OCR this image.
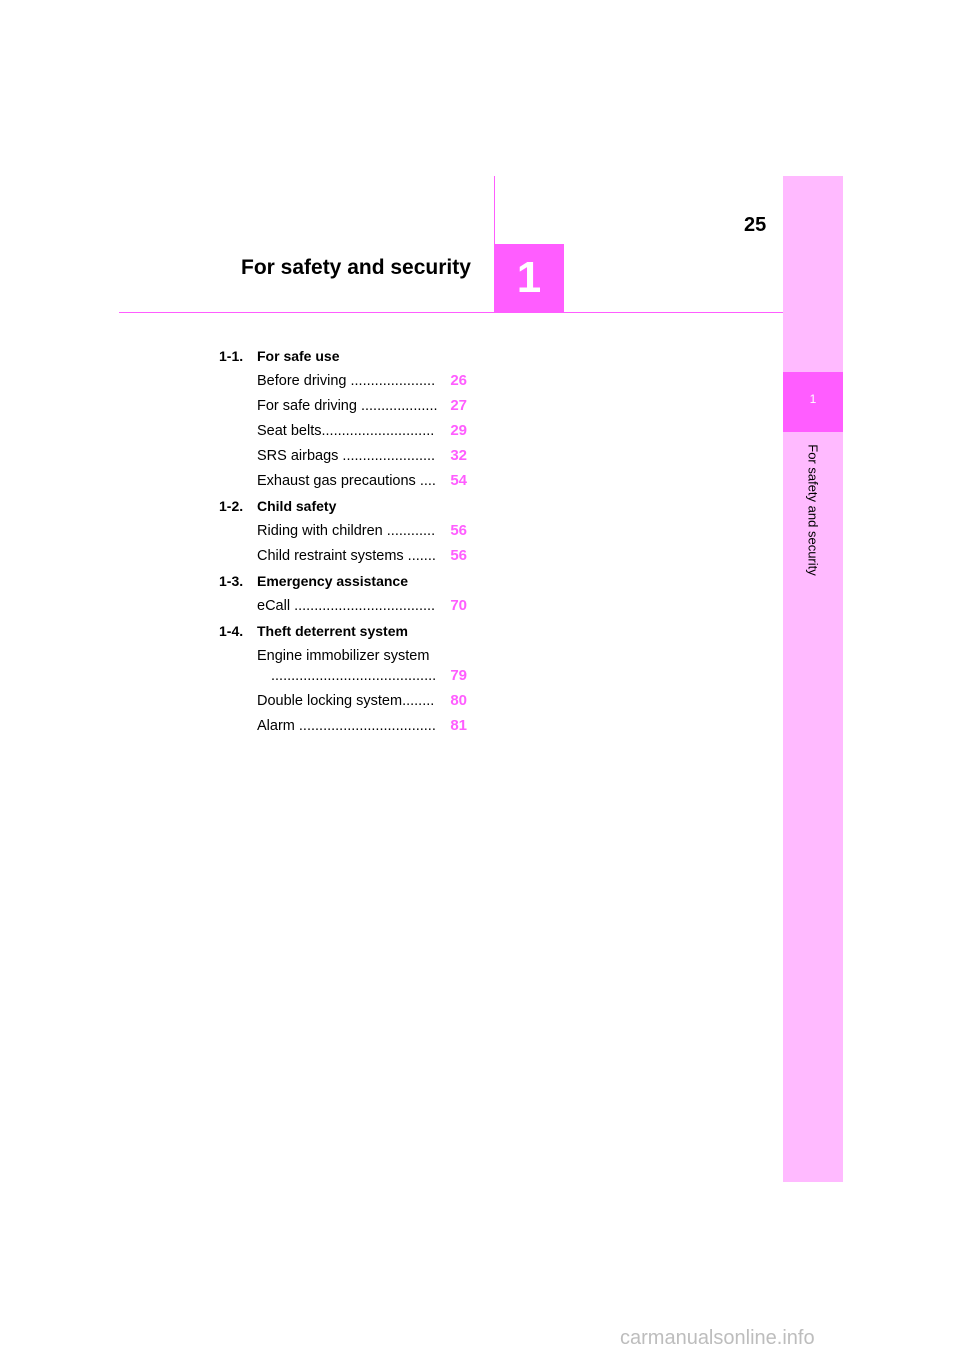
1
For safety and security
1
For safety and security
25
1-1. For safe use
Before driving ..................... 26
For safe driving ................... 27
Seat belts............................ 29
SRS airbags ....................... 32
Exhaust gas precautions .... 54
1-2. Child safety
Riding with children ............ 56
Child restraint systems ....... 56
1-3. Emergency assistance
eCall ................................... 70
1-4. Theft deterrent system
Engine immobilizer system
......................................... 79
Double locking system........ 80
Alarm .................................. 81
carmanualsonline.info
